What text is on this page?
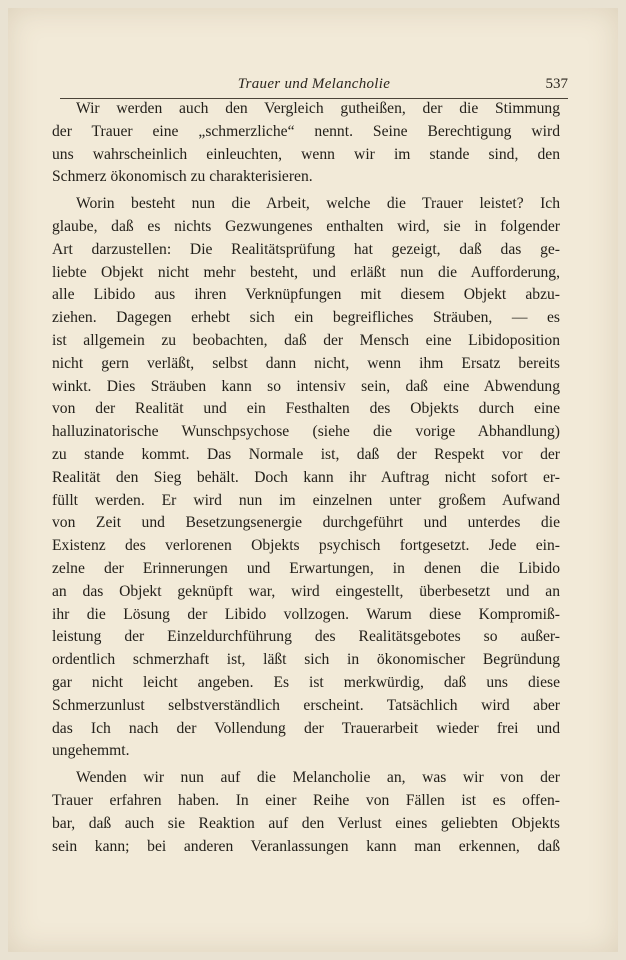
Trauer und Melancholie	537

Wir werden auch den Vergleich gutheißen, der die Stimmung
der Trauer eine „schmerzliche“ nennt. Seine Berechtigung wird
uns wahrscheinlich einleuchten, wenn wir im stande sind, den
Schmerz ökonomisch zu charakterisieren.

Worin besteht nun die Arbeit, welche die Trauer leistet? Ich
glaube, daß es nichts Gezwungenes enthalten wird, sie in folgender
Art darzustellen: Die Realitätsprüfung hat gezeigt, daß das ge-
liebte Objekt nicht mehr besteht, und erläßt nun die Aufforderung,
alle Libido aus ihren Verknüpfungen mit diesem Objekt abzu-
ziehen. Dagegen erhebt sich ein begreifliches Sträuben, — es
ist allgemein zu beobachten, daß der Mensch eine Libidoposition
nicht gern verläßt, selbst dann nicht, wenn ihm Ersatz bereits
winkt. Dies Sträuben kann so intensiv sein, daß eine Abwendung
von der Realität und ein Festhalten des Objekts durch eine
halluzinatorische Wunschpsychose (siehe die vorige Abhandlung)
zu stande kommt. Das Normale ist, daß der Respekt vor der
Realität den Sieg behält. Doch kann ihr Auftrag nicht sofort er-
füllt werden. Er wird nun im einzelnen unter großem Aufwand
von Zeit und Besetzungsenergie durchgeführt und unterdes die
Existenz des verlorenen Objekts psychisch fortgesetzt. Jede ein-
zelne der Erinnerungen und Erwartungen, in denen die Libido
an das Objekt geknüpft war, wird eingestellt, überbesetzt und an
ihr die Lösung der Libido vollzogen. Warum diese Kompromiß-
leistung der Einzeldurchführung des Realitätsgebotes so außer-
ordentlich schmerzhaft ist, läßt sich in ökonomischer Begründung
gar nicht leicht angeben. Es ist merkwürdig, daß uns diese
Schmerzunlust selbstverständlich erscheint. Tatsächlich wird aber
das Ich nach der Vollendung der Trauerarbeit wieder frei und
ungehemmt.

Wenden wir nun auf die Melancholie an, was wir von der
Trauer erfahren haben. In einer Reihe von Fällen ist es offen-
bar, daß auch sie Reaktion auf den Verlust eines geliebten Objekts
sein kann; bei anderen Veranlassungen kann man erkennen, daß
